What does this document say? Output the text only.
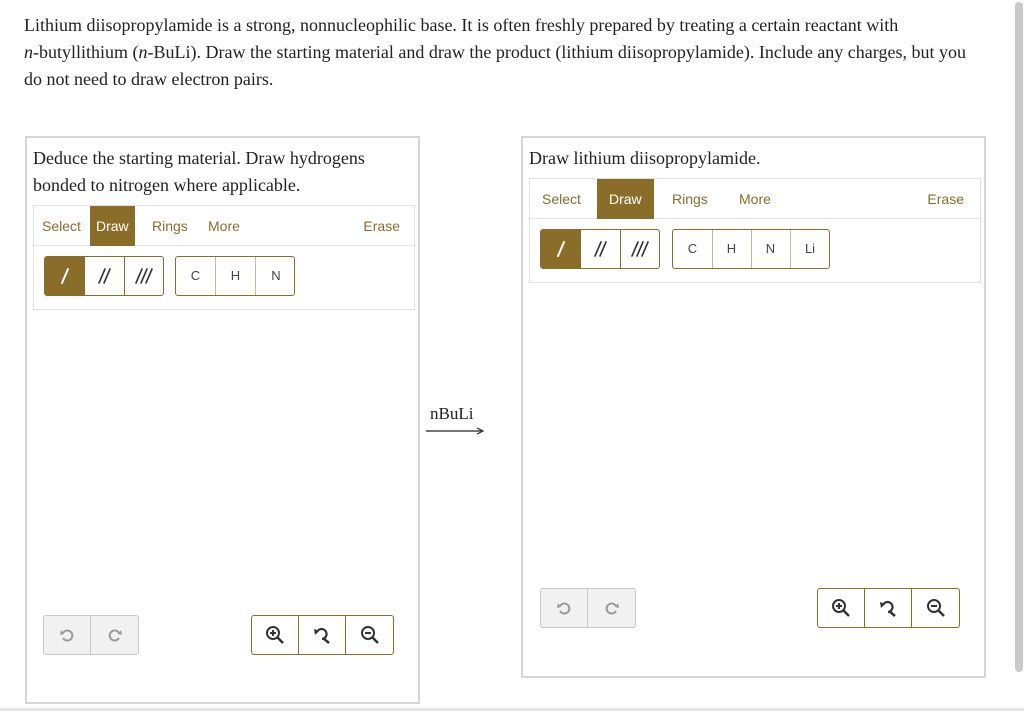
Lithium diisopropylamide is a strong, nonnucleophilic base. It is often freshly prepared by treating a certain reactant with
n-butyllithium (n-BuLi). Draw the starting material and draw the product (lithium diisopropylamide). Include any charges, but you do not need to draw electron pairs.
Deduce the starting material. Draw hydrogens bonded to nitrogen where applicable.
Select	Draw	Rings	More	Erase
C	H	N
nBuLi
Draw lithium diisopropylamide.
Select	Draw	Rings	More	Erase
C	H	N	Li
